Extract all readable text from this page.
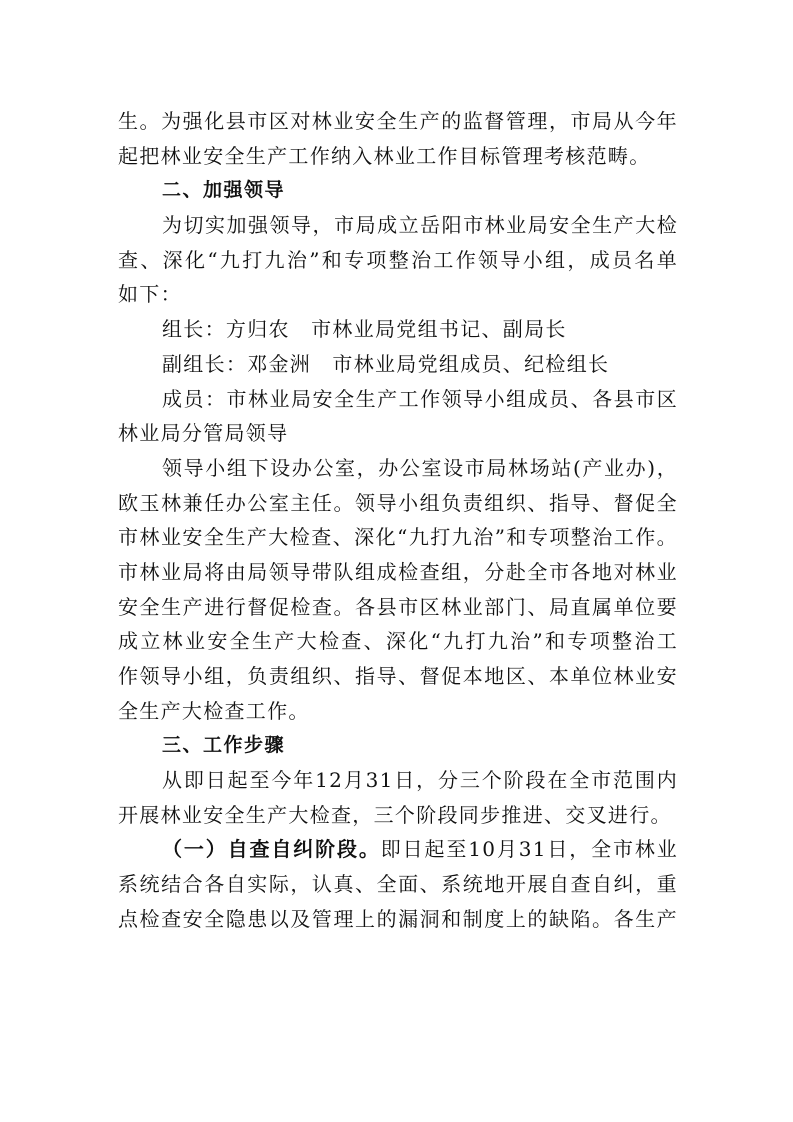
生。为强化县市区对林业安全生产的监督管理，市局从今年
起把林业安全生产工作纳入林业工作目标管理考核范畴。
二、加强领导
为切实加强领导，市局成立岳阳市林业局安全生产大检
查、深化“九打九治”和专项整治工作领导小组，成员名单
如下：
组长：方归农　市林业局党组书记、副局长
副组长：邓金洲　市林业局党组成员、纪检组长
成员：市林业局安全生产工作领导小组成员、各县市区
林业局分管局领导
领导小组下设办公室，办公室设市局林场站(产业办)，
欧玉林兼任办公室主任。领导小组负责组织、指导、督促全
市林业安全生产大检查、深化“九打九治”和专项整治工作。
市林业局将由局领导带队组成检查组，分赴全市各地对林业
安全生产进行督促检查。各县市区林业部门、局直属单位要
成立林业安全生产大检查、深化“九打九治”和专项整治工
作领导小组，负责组织、指导、督促本地区、本单位林业安
全生产大检查工作。
三、工作步骤
从即日起至今年12月31日，分三个阶段在全市范围内
开展林业安全生产大检查，三个阶段同步推进、交叉进行。
（一）自查自纠阶段。即日起至10月31日，全市林业
系统结合各自实际，认真、全面、系统地开展自查自纠，重
点检查安全隐患以及管理上的漏洞和制度上的缺陷。各生产
